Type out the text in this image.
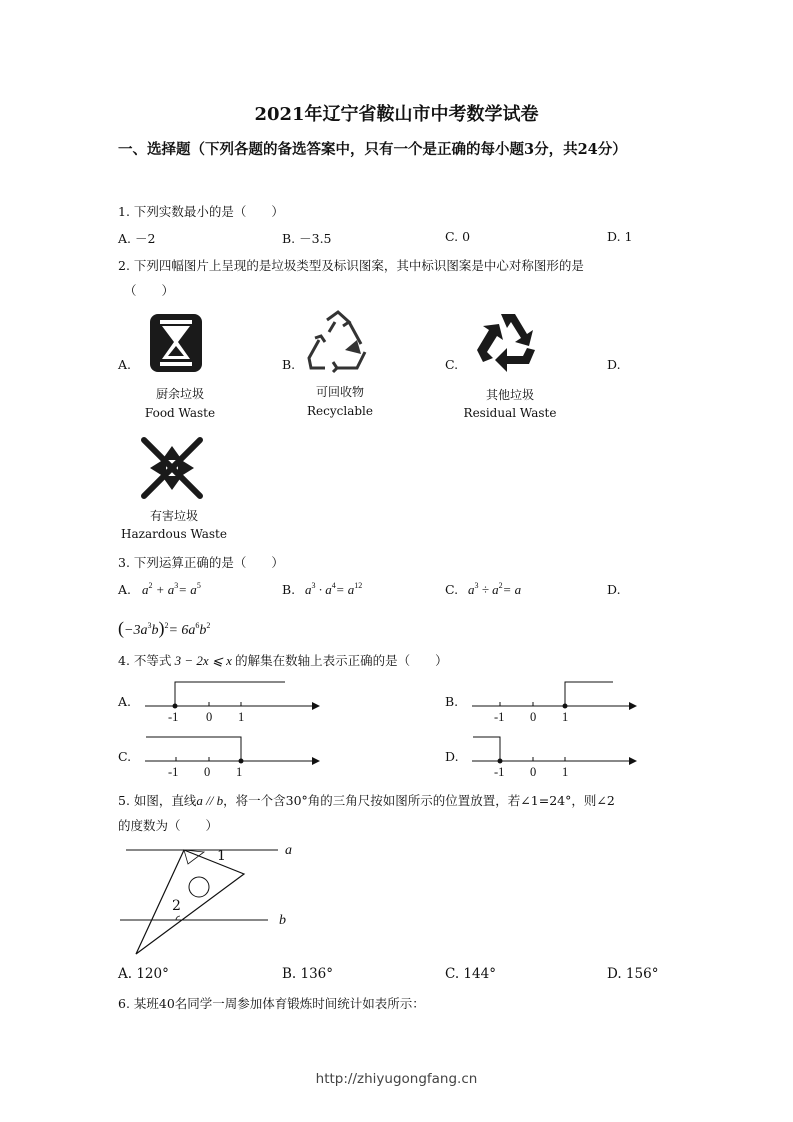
2021年辽宁省鞍山市中考数学试卷
一、选择题（下列各题的备选答案中，只有一个是正确的每小题3分，共24分）
1. 下列实数最小的是（　　）
A. －2	B. －3.5	C. 0	D. 1
2. 下列四幅图片上呈现的是垃圾类型及标识图案，其中标识图案是中心对称图形的是
（　　）
A.	B.	C.	D.
厨余垃圾
Food Waste
可回收物
Recyclable
其他垃圾
Residual Waste
有害垃圾
Hazardous Waste
3. 下列运算正确的是（　　）
A. $a^2 + a^3= a^5$	B. $a^3 \cdot a^4= a^{12}$	C. $a^3 \div a^2= a$	D.
$(-3a^3b)^2= 6a^6b^2$
4. 不等式 3 − 2x ⩽ x 的解集在数轴上表示正确的是（　　）
A.	B.
C.	D.
-1 0 1	-1 0 1
-1 0 1	-1 0 1
5. 如图，直线a // b，将一个含30°角的三角尺按如图所示的位置放置，若∠1=24°，则∠2
的度数为（　　）
1
2
a
b
A. 120°	B. 136°	C. 144°	D. 156°
6. 某班40名同学一周参加体育锻炼时间统计如表所示：
http://zhiyugongfang.cn
